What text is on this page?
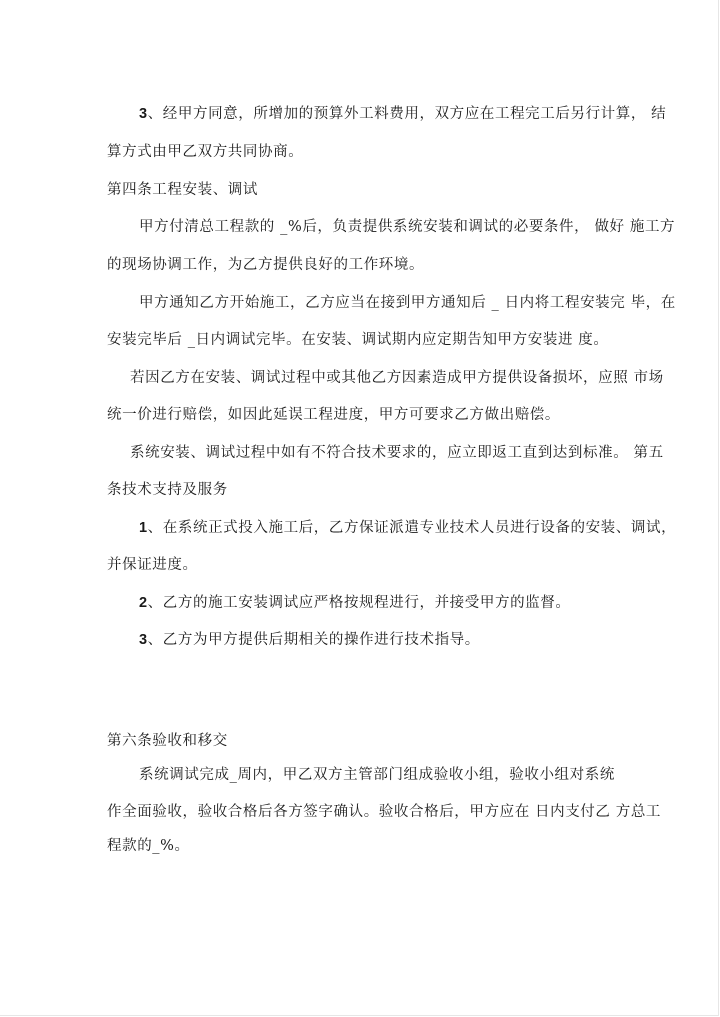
3、经甲方同意，所增加的预算外工料费用，双方应在工程完工后另行计算， 结
算方式由甲乙双方共同协商。
第四条工程安装、调试
甲方付清总工程款的 _%后，负责提供系统安装和调试的必要条件， 做好 施工方
的现场协调工作，为乙方提供良好的工作环境。
甲方通知乙方开始施工，乙方应当在接到甲方通知后 _ 日内将工程安装完 毕，在
安装完毕后 _日内调试完毕。在安装、调试期内应定期告知甲方安装进 度。
若因乙方在安装、调试过程中或其他乙方因素造成甲方提供设备损坏，应照 市场
统一价进行赔偿，如因此延误工程进度，甲方可要求乙方做出赔偿。
系统安装、调试过程中如有不符合技术要求的，应立即返工直到达到标准。 第五
条技术支持及服务
1、在系统正式投入施工后，乙方保证派遣专业技术人员进行设备的安装、调试，
并保证进度。
2、乙方的施工安装调试应严格按规程进行，并接受甲方的监督。
3、乙方为甲方提供后期相关的操作进行技术指导。
第六条验收和移交
系统调试完成_周内，甲乙双方主管部门组成验收小组，验收小组对系统
作全面验收，验收合格后各方签字确认。验收合格后，甲方应在 日内支付乙 方总工
程款的_%。
